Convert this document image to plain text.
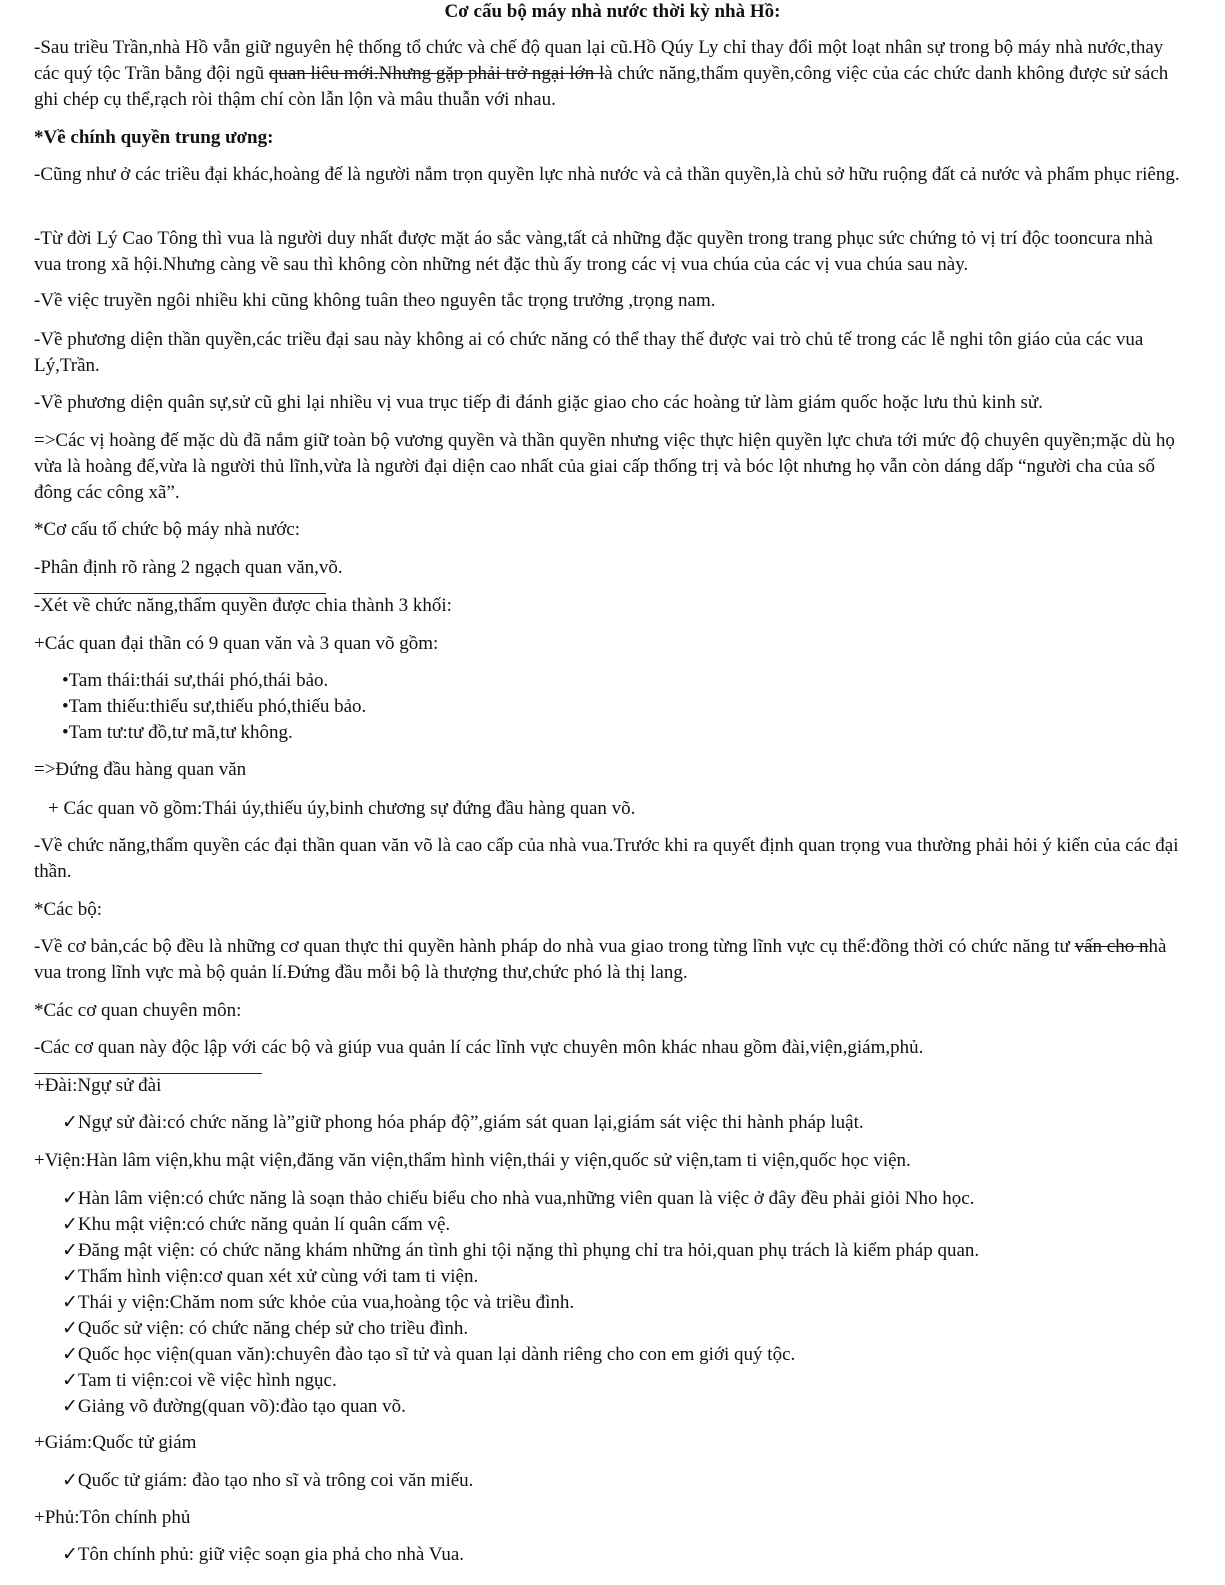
Cơ cấu bộ máy nhà nước thời kỳ nhà Hồ:

-Sau triều Trần,nhà Hồ vẫn giữ nguyên hệ thống tổ chức và chế độ quan lại cũ.Hồ Qúy Ly chỉ thay đổi một loạt nhân sự trong bộ máy nhà nước,thay các quý tộc Trần bằng đội ngũ quan liêu mới.Nhưng gặp phải trở ngại lớn là chức năng,thẩm quyền,công việc của các chức danh không được sử sách ghi chép cụ thể,rạch ròi thậm chí còn lẫn lộn và mâu thuẫn với nhau.

*Về chính quyền trung ương:

-Cũng như ở các triều đại khác,hoàng đế là người nắm trọn quyền lực nhà nước và cả thần quyền,là chủ sở hữu ruộng đất cả nước và phẩm phục riêng.

-Từ đời Lý Cao Tông thì vua là người duy nhất được mặt áo sắc vàng,tất cả những đặc quyền trong trang phục sức chứng tỏ vị trí độc tooncura nhà vua trong xã hội.Nhưng càng về sau thì không còn những nét đặc thù ấy trong các vị vua chúa của các vị vua chúa sau này.

-Về việc truyền ngôi nhiều khi cũng không tuân theo nguyên tắc trọng trưởng ,trọng nam.

-Về phương diện thần quyền,các triều đại sau này không ai có chức năng có thể thay thế được vai trò chủ tế trong các lễ nghi tôn giáo của các vua Lý,Trần.

-Về phương diện quân sự,sử cũ ghi lại nhiều vị vua trục tiếp đi đánh giặc giao cho các hoàng tử làm giám quốc hoặc lưu thủ kinh sử.

=>Các vị hoàng đế mặc dù đã nắm giữ toàn bộ vương quyền và thần quyền nhưng việc thực hiện quyền lực chưa tới mức độ chuyên quyền;mặc dù họ vừa là hoàng đế,vừa là người thủ lĩnh,vừa là người đại diện cao nhất của giai cấp thống trị và bóc lột nhưng họ vẫn còn dáng dấp “người cha của số đông các công xã”.

*Cơ cấu tổ chức bộ máy nhà nước:

-Phân định rõ ràng 2 ngạch quan văn,võ.

-Xét về chức năng,thẩm quyền được chia thành 3 khối:

+Các quan đại thần có 9 quan văn và 3 quan võ gồm:

•Tam thái:thái sư,thái phó,thái bảo.
•Tam thiếu:thiếu sư,thiếu phó,thiếu bảo.
•Tam tư:tư đồ,tư mã,tư không.

=>Đứng đầu hàng quan văn

+ Các quan võ gồm:Thái úy,thiếu úy,binh chương sự đứng đầu hàng quan võ.

-Về chức năng,thẩm quyền các đại thần quan văn võ là cao cấp của nhà vua.Trước khi ra quyết định quan trọng vua thường phải hỏi ý kiến của các đại thần.

*Các bộ:

-Về cơ bản,các bộ đều là những cơ quan thực thi quyền hành pháp do nhà vua giao trong từng lĩnh vực cụ thể:đồng thời có chức năng tư vấn cho nhà vua trong lĩnh vực mà bộ quản lí.Đứng đầu mỗi bộ là thượng thư,chức phó là thị lang.

*Các cơ quan chuyên môn:

-Các cơ quan này độc lập với các bộ và giúp vua quản lí các lĩnh vực chuyên môn khác nhau gồm đài,viện,giám,phủ.

+Đài:Ngự sử đài

✓Ngự sử đài:có chức năng là”giữ phong hóa pháp độ”,giám sát quan lại,giám sát việc thi hành pháp luật.

+Viện:Hàn lâm viện,khu mật viện,đăng văn viện,thẩm hình viện,thái y viện,quốc sử viện,tam ti viện,quốc học viện.

✓Hàn lâm viện:có chức năng là soạn thảo chiếu biểu cho nhà vua,những viên quan là việc ở đây đều phải giỏi Nho học.
✓Khu mật viện:có chức năng quản lí quân cấm vệ.
✓Đăng mật viện: có chức năng khám những án tình ghi tội nặng thì phụng chỉ tra hỏi,quan phụ trách là kiểm pháp quan.
✓Thẩm hình viện:cơ quan xét xử cùng với tam ti viện.
✓Thái y viện:Chăm nom sức khỏe của vua,hoàng tộc và triều đình.
✓Quốc sử viện: có chức năng chép sử cho triều đình.
✓Quốc học viện(quan văn):chuyên đào tạo sĩ tử và quan lại dành riêng cho con em giới quý tộc.
✓Tam ti viện:coi về việc hình ngục.
✓Giảng võ đường(quan võ):đào tạo quan võ.

+Giám:Quốc tử giám

✓Quốc tử giám: đào tạo nho sĩ và trông coi văn miếu.

+Phủ:Tôn chính phủ

✓Tôn chính phủ: giữ việc soạn gia phả cho nhà Vua.
